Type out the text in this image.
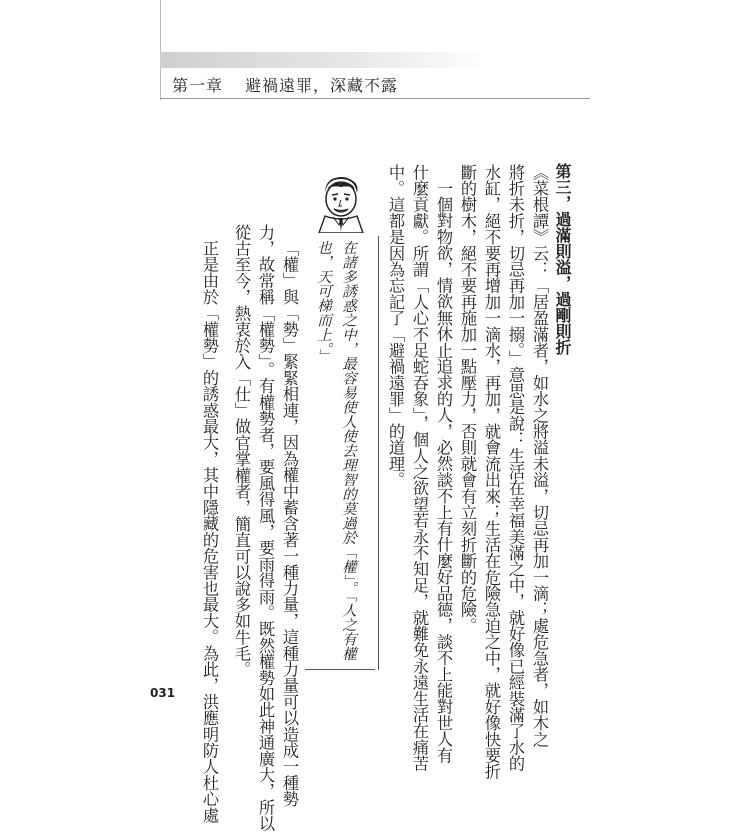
第一章 避禍遠罪，深藏不露
第三，過滿則溢，過剛則折
《菜根譚》云：「居盈滿者，如水之將溢未溢，切忌再加一滴；處危急者，如木之
將折未折，切忌再加一搦。」意思是說：生活在幸福美滿之中，就好像已經裝滿了水的
水缸，絕不要再增加一滴水，再加，就會流出來；生活在危險急迫之中，就好像快要折
斷的樹木，絕不要再施加一點壓力，否則就會有立刻折斷的危險。
一個對物欲，情欲無休止追求的人，必然談不上有什麼好品德，談不上能對世人有
什麼貢獻。所謂「人心不足蛇吞象」，個人之欲望若永不知足，就難免永遠生活在痛苦
中。這都是因為忘記了「避禍遠罪」的道理。
在諸多誘惑之中，最容易使人使去理智的莫過於「權」。「人之有權
也，天可梯而上。」
「權」與「勢」緊緊相連，因為權中蓄含著一種力量，這種力量可以造成一種勢
力，故常稱「權勢」。有權勢者，要風得風，要雨得雨。既然權勢如此神通廣大，所以
從古至今，熱衷於入「仕」做官掌權者，簡直可以說多如牛毛。
正是由於「權勢」的誘惑最大，其中隱藏的危害也最大。為此，洪應明防人杜心處
031
